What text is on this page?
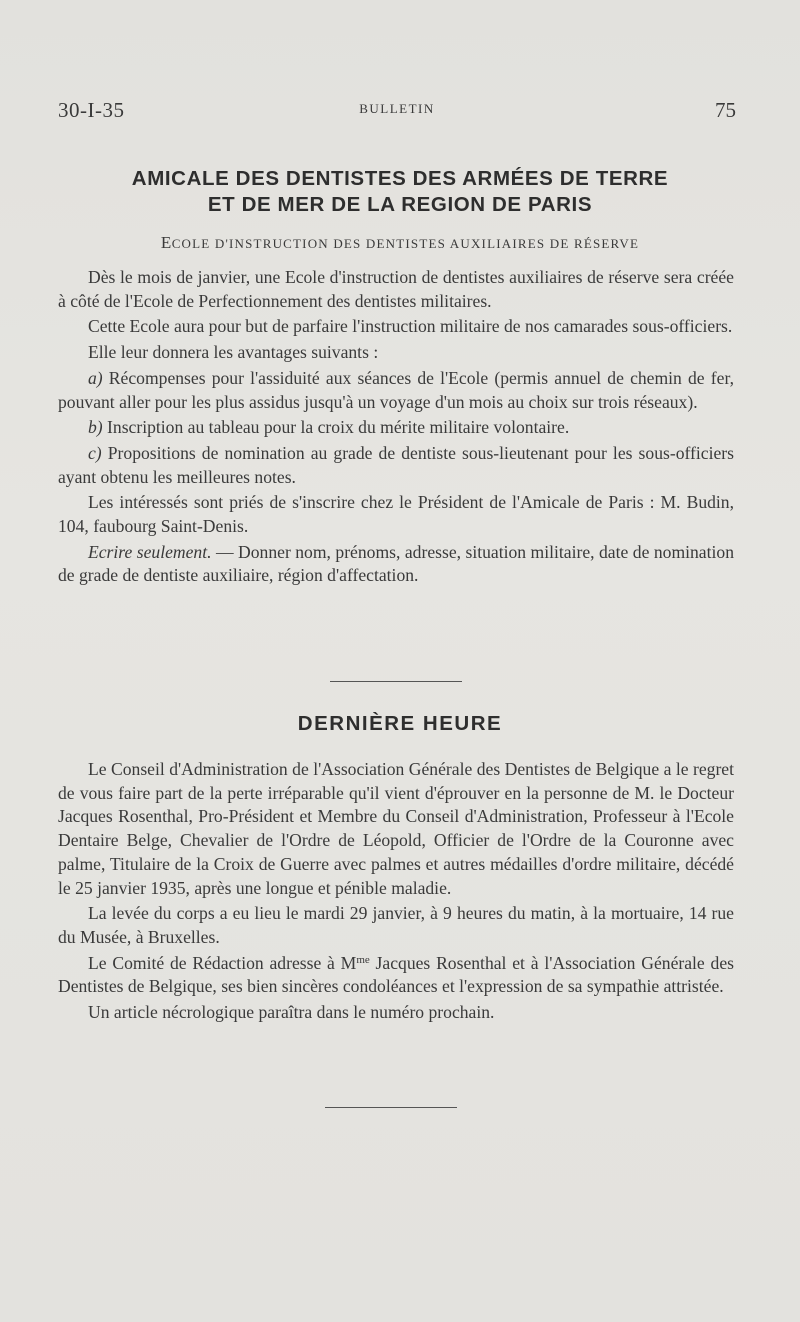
30-I-35	BULLETIN	75
AMICALE DES DENTISTES DES ARMÉES DE TERRE
ET DE MER DE LA REGION DE PARIS
ECOLE D'INSTRUCTION DES DENTISTES AUXILIAIRES DE RÉSERVE

Dès le mois de janvier, une Ecole d'instruction de dentistes auxiliaires de réserve sera créée à côté de l'Ecole de Perfectionnement des dentistes militaires.

Cette Ecole aura pour but de parfaire l'instruction militaire de nos camarades sous-officiers.

Elle leur donnera les avantages suivants :

a) Récompenses pour l'assiduité aux séances de l'Ecole (permis annuel de chemin de fer, pouvant aller pour les plus assidus jusqu'à un voyage d'un mois au choix sur trois réseaux).

b) Inscription au tableau pour la croix du mérite militaire volontaire.

c) Propositions de nomination au grade de dentiste sous-lieutenant pour les sous-officiers ayant obtenu les meilleures notes.

Les intéressés sont priés de s'inscrire chez le Président de l'Amicale de Paris : M. Budin, 104, faubourg Saint-Denis.

Ecrire seulement. — Donner nom, prénoms, adresse, situation militaire, date de nomination de grade de dentiste auxiliaire, région d'affectation.

DERNIÈRE HEURE

Le Conseil d'Administration de l'Association Générale des Dentistes de Belgique a le regret de vous faire part de la perte irréparable qu'il vient d'éprouver en la personne de M. le Docteur Jacques Rosenthal, Pro-Président et Membre du Conseil d'Administration, Professeur à l'Ecole Dentaire Belge, Chevalier de l'Ordre de Léopold, Officier de l'Ordre de la Couronne avec palme, Titulaire de la Croix de Guerre avec palmes et autres médailles d'ordre militaire, décédé le 25 janvier 1935, après une longue et pénible maladie.

La levée du corps a eu lieu le mardi 29 janvier, à 9 heures du matin, à la mortuaire, 14 rue du Musée, à Bruxelles.

Le Comité de Rédaction adresse à $M^{me}$ Jacques Rosenthal et à l'Association Générale des Dentistes de Belgique, ses bien sincères condoléances et l'expression de sa sympathie attristée.

Un article nécrologique paraîtra dans le numéro prochain.
